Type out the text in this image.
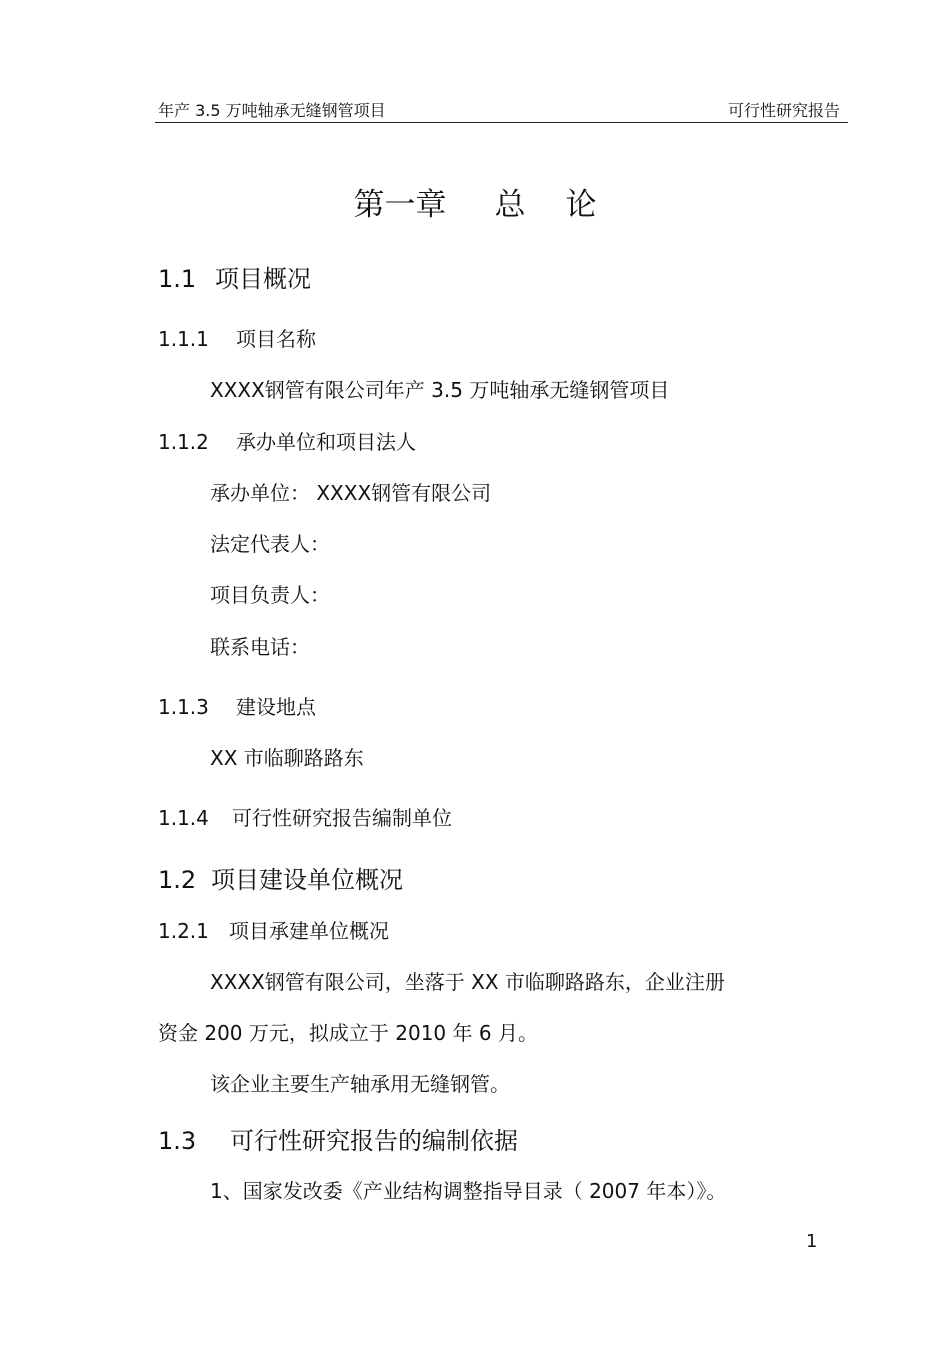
年产 3.5 万吨轴承无缝钢管项目	可行性研究报告
第一章 总 论
1.1 项目概况
1.1.1 项目名称
XXXX钢管有限公司年产 3.5 万吨轴承无缝钢管项目
1.1.2 承办单位和项目法人
承办单位： XXXX钢管有限公司
法定代表人：
项目负责人：
联系电话：
1.1.3 建设地点
XX 市临聊路路东
1.1.4 可行性研究报告编制单位
1.2 项目建设单位概况
1.2.1 项目承建单位概况
XXXX钢管有限公司，坐落于 XX 市临聊路路东，企业注册
资金 200 万元，拟成立于 2010 年 6 月。
该企业主要生产轴承用无缝钢管。
1.3 可行性研究报告的编制依据
1、国家发改委《产业结构调整指导目录（ 2007 年本）》。
1
